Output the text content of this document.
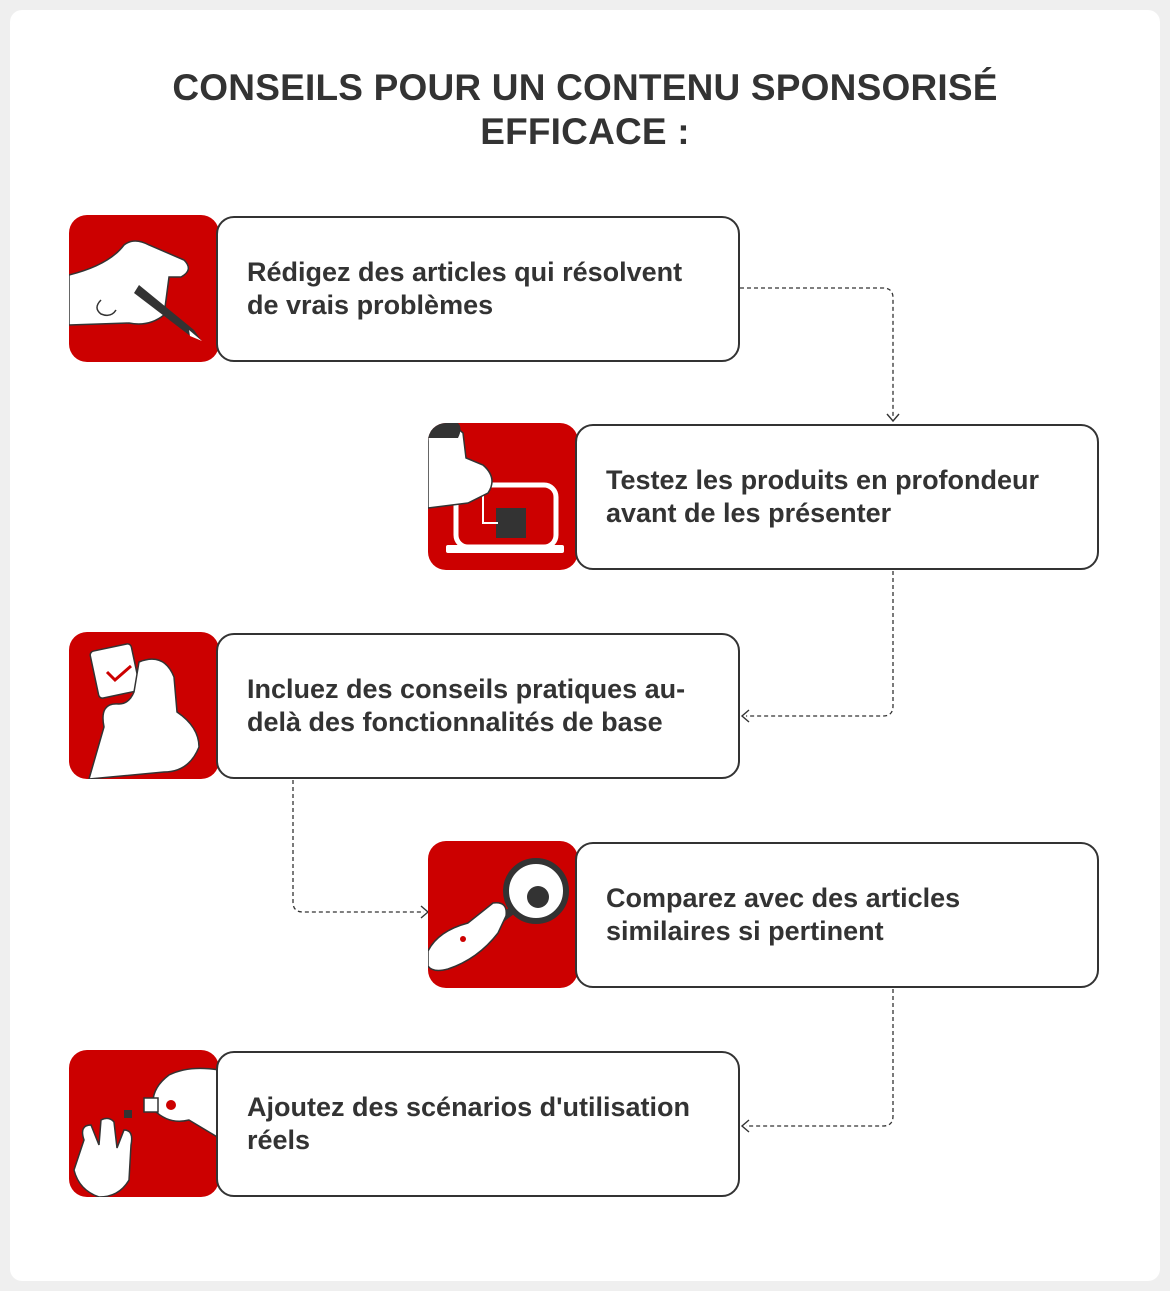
CONSEILS POUR UN CONTENU SPONSORISÉ
EFFICACE :
Rédigez des articles qui résolvent de vrais problèmes
Testez les produits en profondeur avant de les présenter
Incluez des conseils pratiques au-delà des fonctionnalités de base
Comparez avec des articles similaires si pertinent
Ajoutez des scénarios d'utilisation réels
